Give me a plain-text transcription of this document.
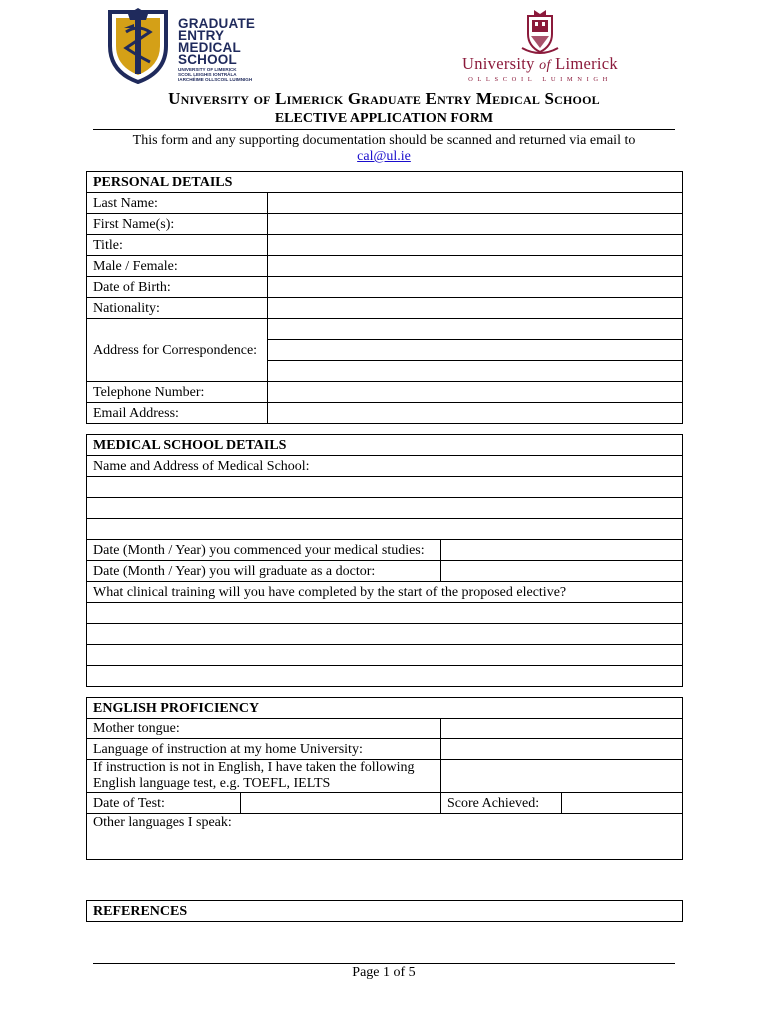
GRADUATE
ENTRY
MEDICAL
SCHOOL
UNIVERSITY OF LIMERICK
SCOIL LEIGHIS IONTRÁLA
IARCHÉIME OLLSCOIL LUIMNIGH
University of Limerick
OLLSCOIL LUIMNIGH
University of Limerick Graduate Entry Medical School
ELECTIVE APPLICATION FORM
This form and any supporting documentation should be scanned and returned via email to
cal@ul.ie
PERSONAL DETAILS	
Last Name:	
First Name(s):	
Title:	
Male / Female:	
Date of Birth:	
Nationality:	
Address for Correspondence:	

Telephone Number:	
Email Address:	
MEDICAL SCHOOL DETAILS	
Name and Address of Medical School:	

Date (Month / Year) you commenced your medical studies:	
Date (Month / Year) you will graduate as a doctor:	
What clinical training will you have completed by the start of the proposed elective?	

ENGLISH PROFICIENCY			
Mother tongue:			
Language of instruction at my home University:			
If instruction is not in English, I have taken the following English language test, e.g. TOEFL, IELTS			
Date of Test:		Score Achieved:	
Other languages I speak:			
REFERENCES
Page 1 of 5
